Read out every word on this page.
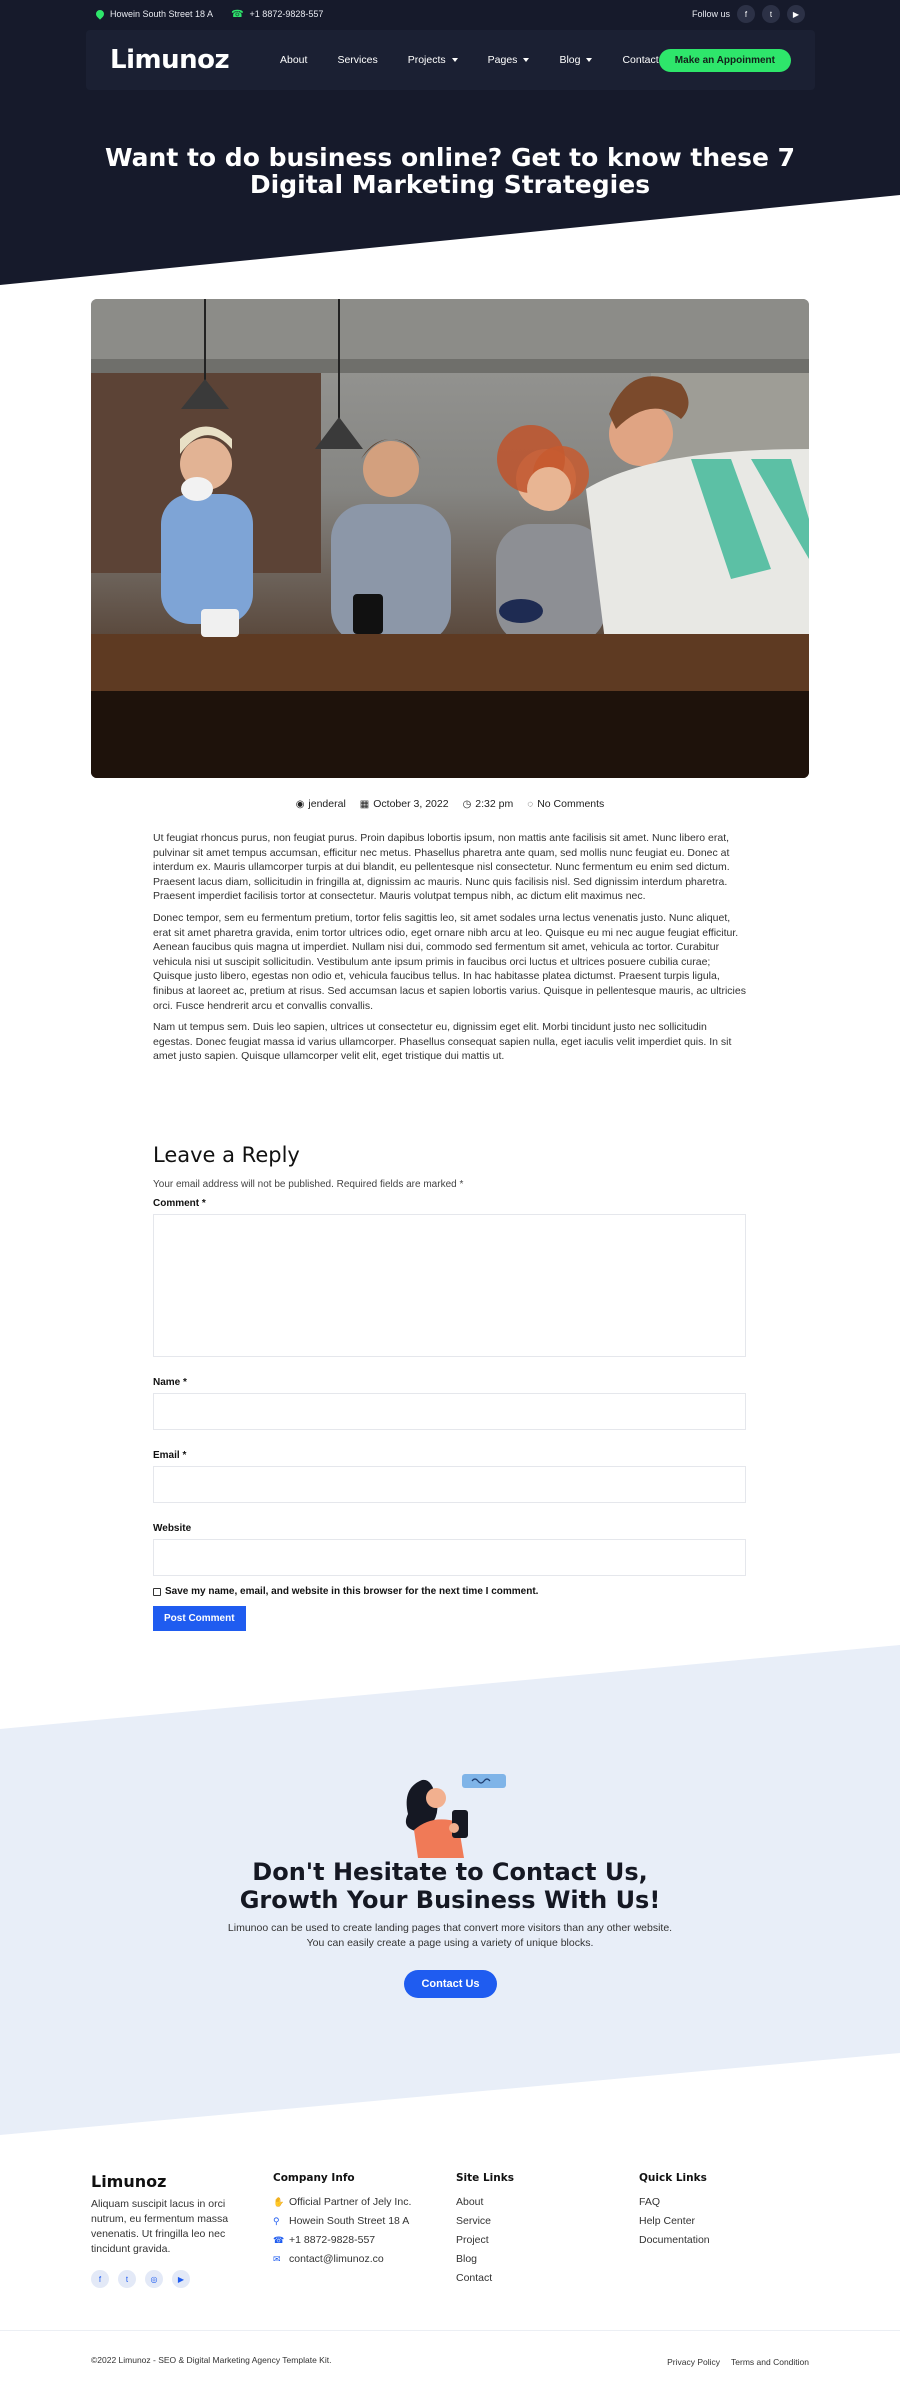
Howein South Street 18 A ☎ +1 8872-9828-557	Follow us	f	t	▶
Limunoz	About	Services	Projects	Pages	Blog	Contact	Make an Appoinment
Want to do business online? Get to know these 7 Digital Marketing Strategies
◉ jenderal ▦ October 3, 2022 ◷ 2:32 pm ◌ No Comments

Ut feugiat rhoncus purus, non feugiat purus. Proin dapibus lobortis ipsum, non mattis ante facilisis sit amet. Nunc libero erat, pulvinar sit amet tempus accumsan, efficitur nec metus. Phasellus pharetra ante quam, sed mollis nunc feugiat eu. Donec at interdum ex. Mauris ullamcorper turpis at dui blandit, eu pellentesque nisl consectetur. Nunc fermentum eu enim sed dictum. Praesent lacus diam, sollicitudin in fringilla at, dignissim ac mauris. Nunc quis facilisis nisl. Sed dignissim interdum pharetra. Praesent imperdiet facilisis tortor at consectetur. Mauris volutpat tempus nibh, ac dictum elit maximus nec.

Donec tempor, sem eu fermentum pretium, tortor felis sagittis leo, sit amet sodales urna lectus venenatis justo. Nunc aliquet, erat sit amet pharetra gravida, enim tortor ultrices odio, eget ornare nibh arcu at leo. Quisque eu mi nec augue feugiat efficitur. Aenean faucibus quis magna ut imperdiet. Nullam nisi dui, commodo sed fermentum sit amet, vehicula ac tortor. Curabitur vehicula nisi ut suscipit sollicitudin. Vestibulum ante ipsum primis in faucibus orci luctus et ultrices posuere cubilia curae; Quisque justo libero, egestas non odio et, vehicula faucibus tellus. In hac habitasse platea dictumst. Praesent turpis ligula, finibus at laoreet ac, pretium at risus. Sed accumsan lacus et sapien lobortis varius. Quisque in pellentesque mauris, ac ultricies orci. Fusce hendrerit arcu et convallis convallis.

Nam ut tempus sem. Duis leo sapien, ultrices ut consectetur eu, dignissim eget elit. Morbi tincidunt justo nec sollicitudin egestas. Donec feugiat massa id varius ullamcorper. Phasellus consequat sapien nulla, eget iaculis velit imperdiet quis. In sit amet justo sapien. Quisque ullamcorper velit elit, eget tristique dui mattis ut.

Leave a Reply
Your email address will not be published. Required fields are marked *
Comment *
Name *
Email *
Website
Save my name, email, and website in this browser for the next time I comment.
Post Comment
Don't Hesitate to Contact Us, Growth Your Business With Us!
Limunoo can be used to create landing pages that convert more visitors than any other website.
You can easily create a page using a variety of unique blocks.
Contact Us
Limunoz
Aliquam suscipit lacus in orci nutrum, eu fermentum massa venenatis. Ut fringilla leo nec tincidunt gravida.
f	t	◎	▶
Company Info
✋ Official Partner of Jely Inc.
⚲ Howein South Street 18 A
☎ +1 8872-9828-557
✉ contact@limunoz.co
Site Links
About
Service
Project
Blog
Contact
Quick Links
FAQ
Help Center
Documentation
©2022 Limunoz - SEO & Digital Marketing Agency Template Kit.	Privacy Policy Terms and Condition
